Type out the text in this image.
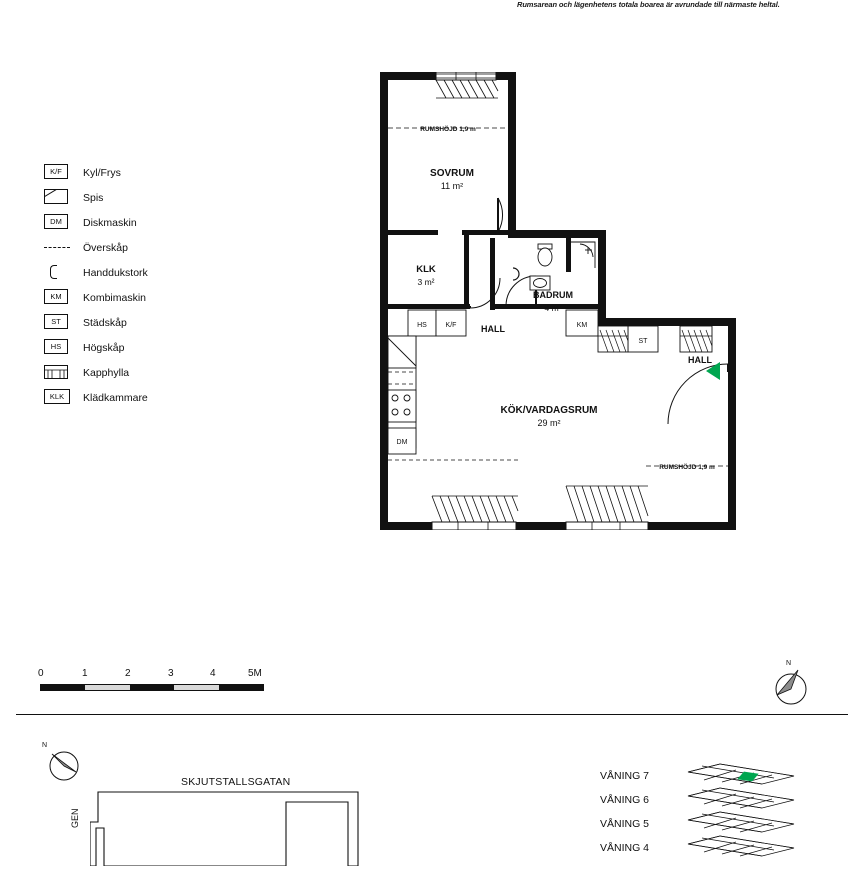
Rumsarean och lägenhetens totala boarea är avrundade till närmaste heltal.
K/F	Kyl/Frys
Spis
DM	Diskmaskin
Överskåp
Handdukstork
KM	Kombimaskin
ST	Städskåp
HS	Högskåp
Kapphylla
KLK	Klädkammare
SOVRUM
11 m²
KLK
3 m²
BADRUM
4 m²
HALL
HALL
KÖK/VARDAGSRUM
29 m²
RUMSHÖJD 1,9 m
RUMSHÖJD 1,9 m
HS	K/F	KM
ST
DM
0	1	2	3	4	5M
N
SKJUTSTALLSGATAN
GEN
N
VÅNING 7
VÅNING 6
VÅNING 5
VÅNING 4
